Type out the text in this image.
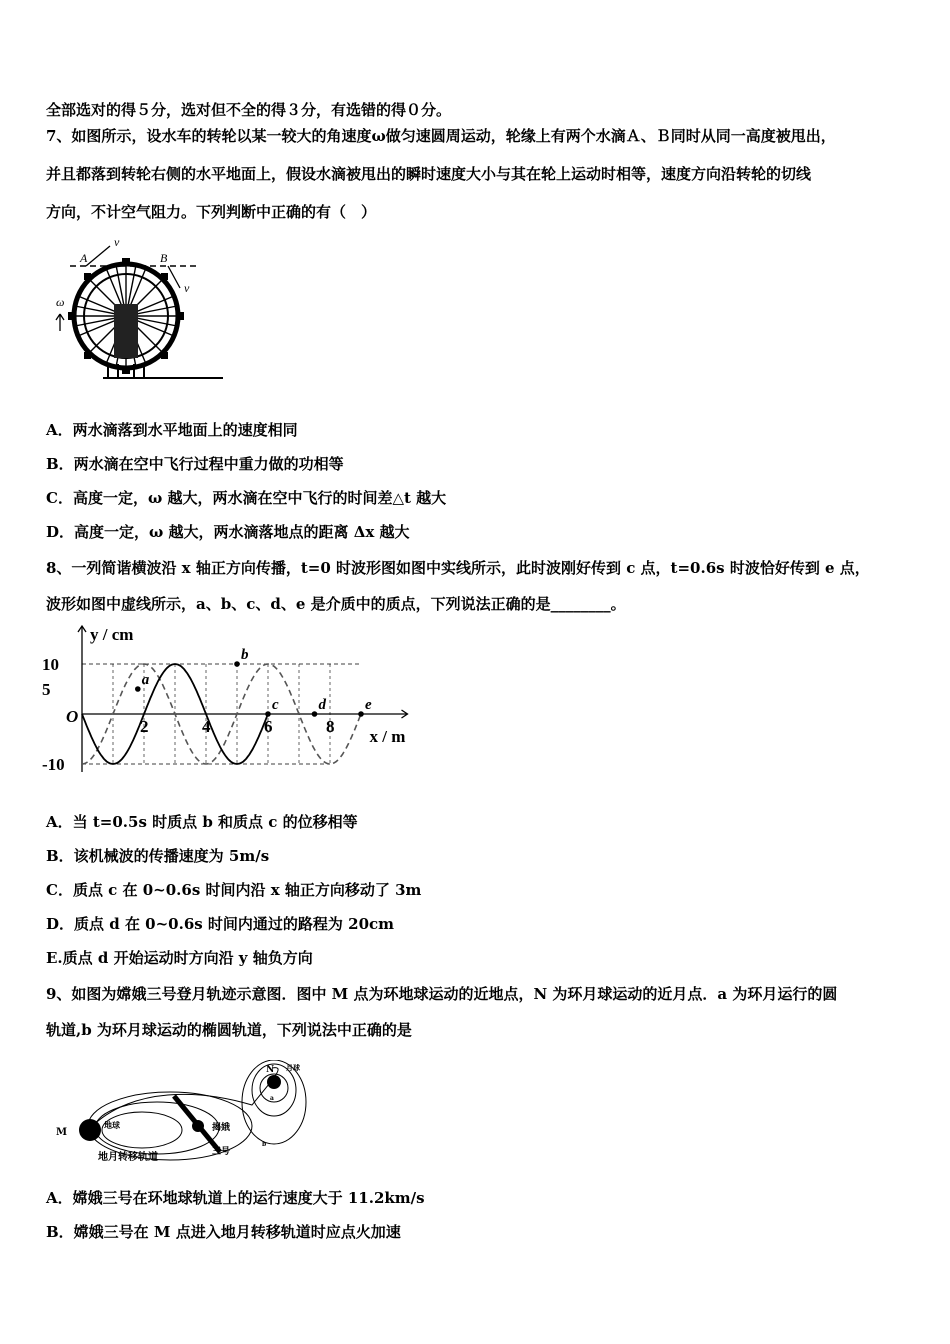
全部选对的得５分，选对但不全的得３分，有选错的得０分。
7、如图所示，设水车的转轮以某一较大的角速度ω做匀速圆周运动，轮缘上有两个水滴Ａ、Ｂ同时从同一高度被甩出，
并且都落到转轮右侧的水平地面上，假设水滴被甩出的瞬时速度大小与其在轮上运动时相等，速度方向沿转轮的切线
方向，不计空气阻力。下列判断中正确的有（　）
A	B
v
v
ω
A．两水滴落到水平地面上的速度相同
B．两水滴在空中飞行过程中重力做的功相等
C．高度一定，ω 越大，两水滴在空中飞行的时间差△t 越大
D．高度一定，ω 越大，两水滴落地点的距离 Δx 越大
8、一列简谐横波沿 x 轴正方向传播，t=0 时波形图如图中实线所示，此时波刚好传到 c 点，t=0.6s 时波恰好传到 e 点，
波形如图中虚线所示，a、b、c、d、e 是介质中的质点，下列说法正确的是________。
a
b
c	d	e
2	4	6	8
10
5
-10
O
x / m
y / cm
A．当 t=0.5s 时质点 b 和质点 c 的位移相等
B．该机械波的传播速度为 5m/s
C．质点 c 在 0~0.6s 时间内沿 x 轴正方向移动了 3m
D．质点 d 在 0~0.6s 时间内通过的路程为 20cm
E.质点 d 开始运动时方向沿 y 轴负方向
9、如图为嫦娥三号登月轨迹示意图．图中 M 点为环地球运动的近地点，N 为环月球运动的近月点．a 为环月运行的圆
轨道,b 为环月球运动的椭圆轨道，下列说法中正确的是
M
地球
N 月球
揭娥
三号
地月转移轨道
a
b
A．嫦娥三号在环地球轨道上的运行速度大于 11.2km/s
B．嫦娥三号在 M 点进入地月转移轨道时应点火加速
